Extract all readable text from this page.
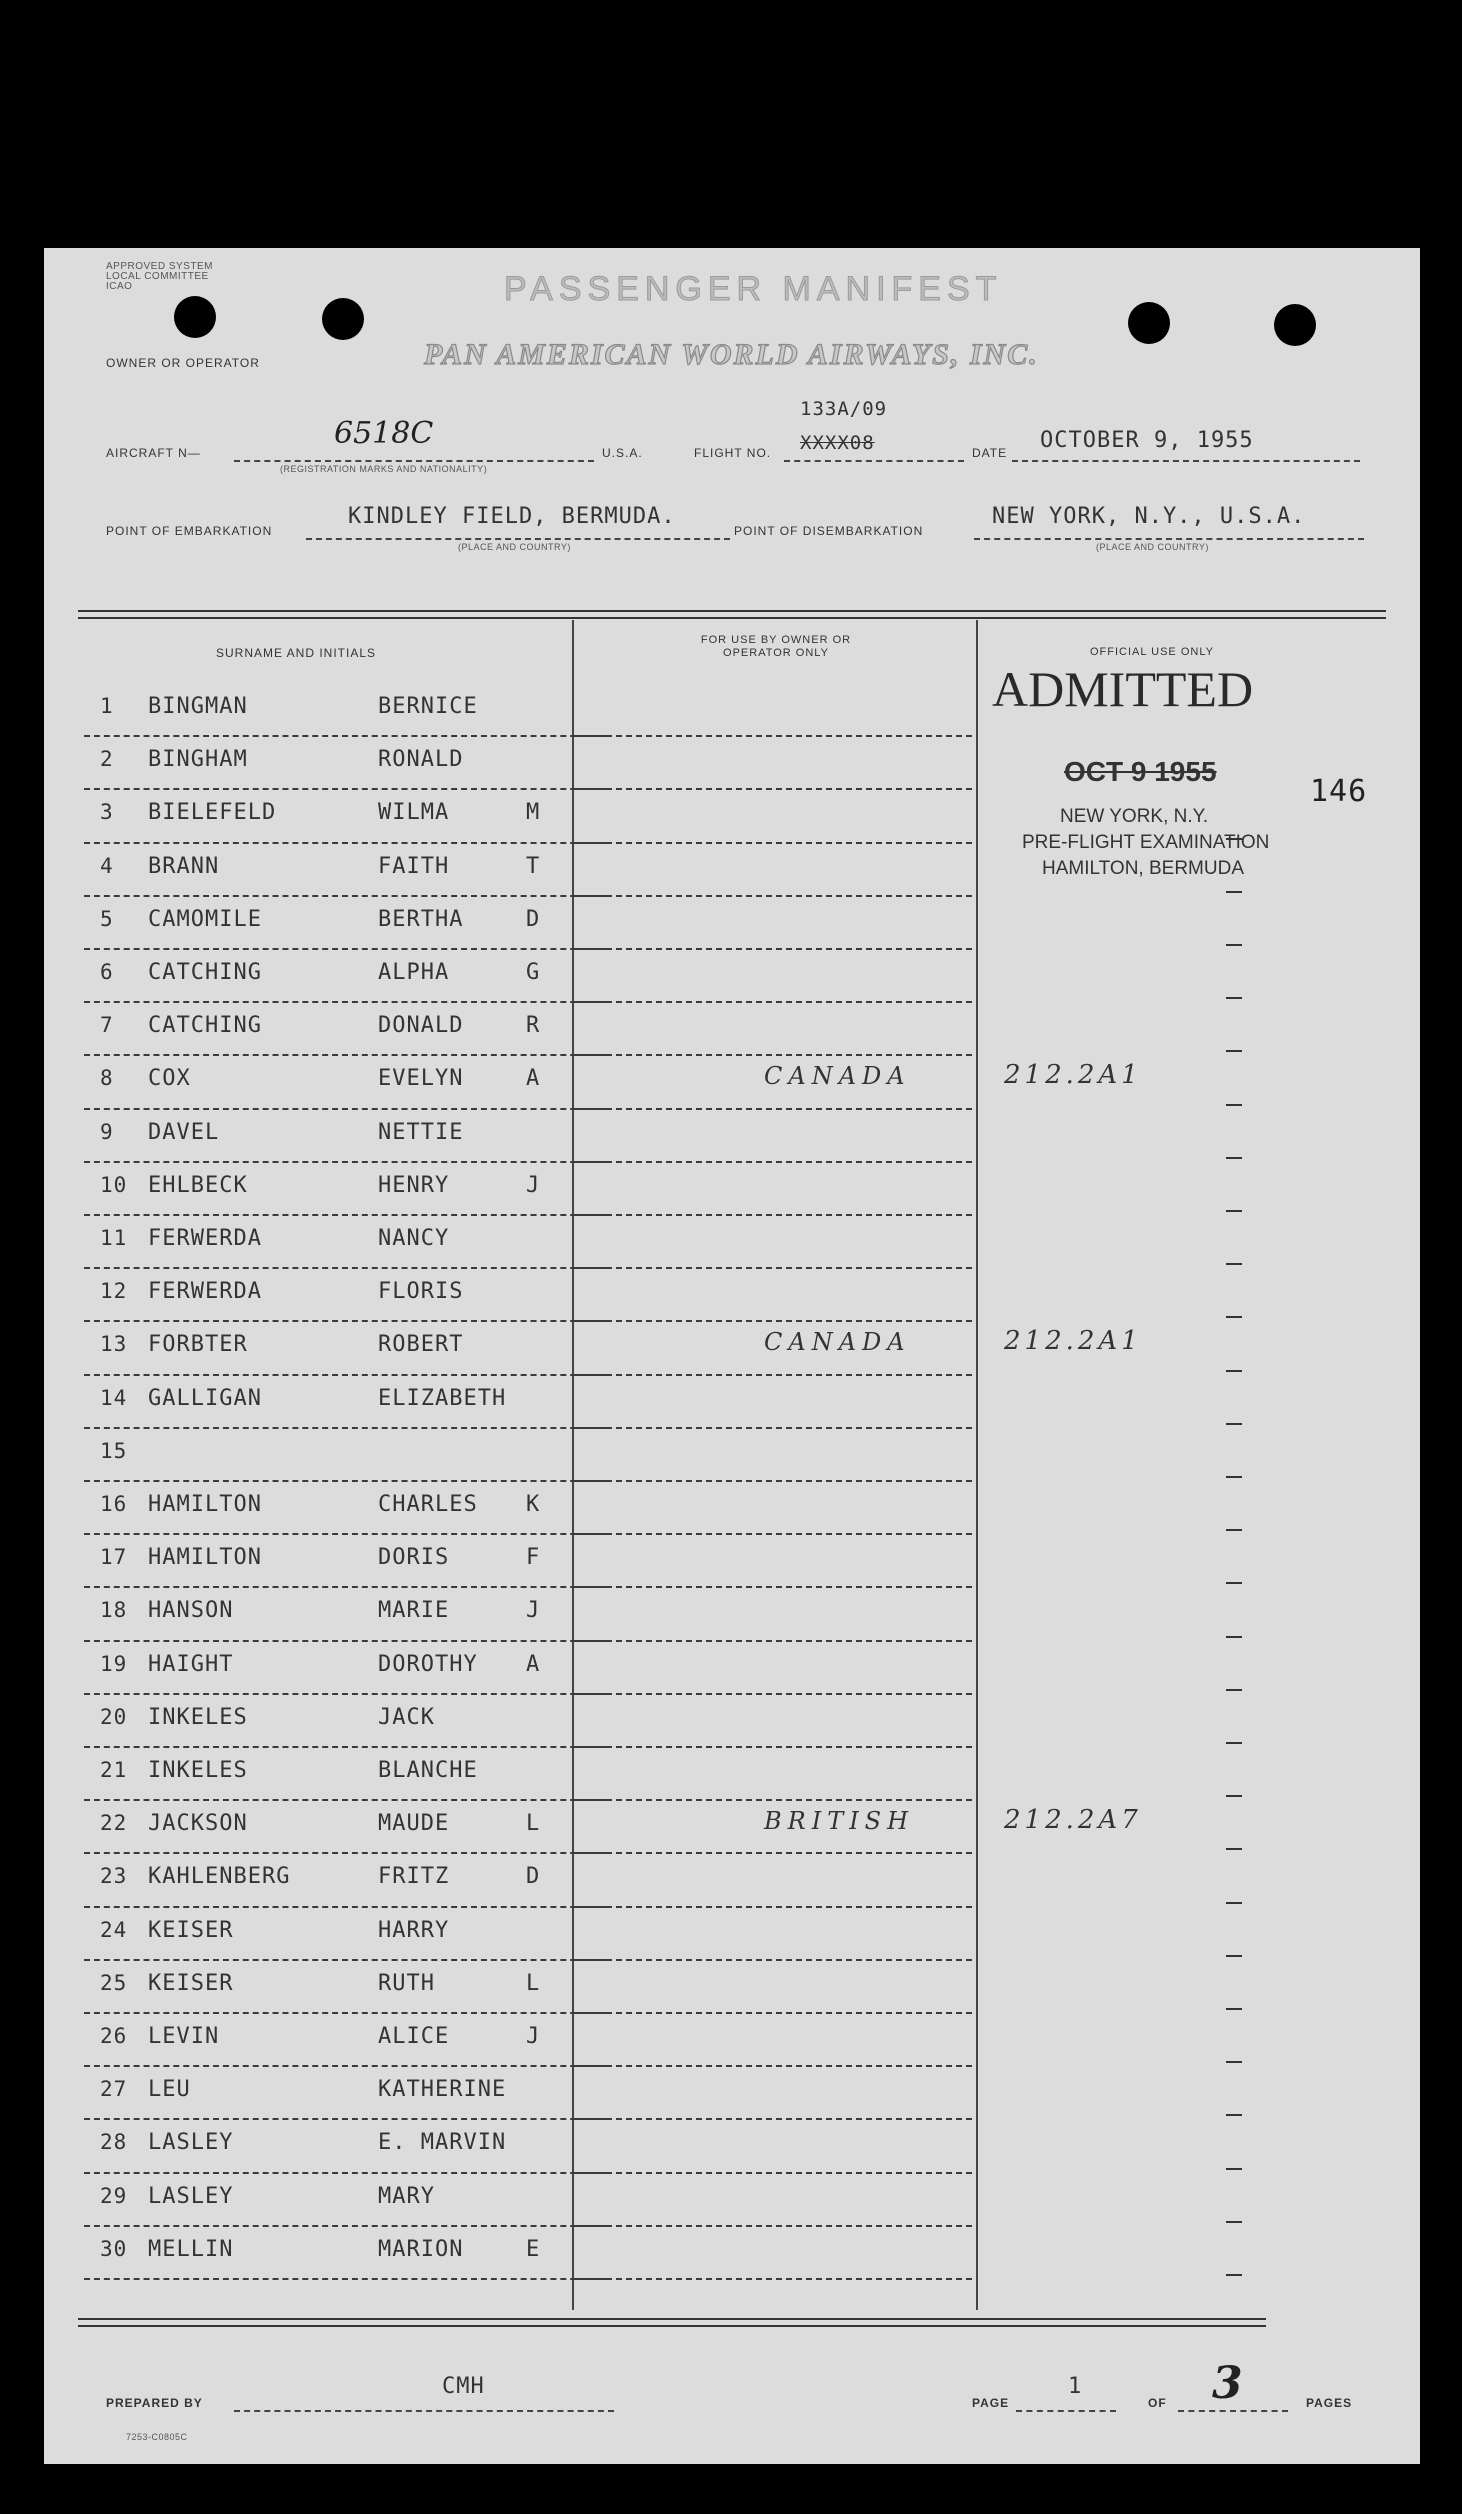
APPROVED SYSTEM LOCAL COMMITTEE ICAO	PASSENGER MANIFEST
OWNER OR OPERATOR	PAN AMERICAN WORLD AIRWAYS, INC.
AIRCRAFT N—
6518C
(REGISTRATION MARKS AND NATIONALITY)
U.S.A.	FLIGHT NO.
133A/09
XXXX08	DATE OCTOBER 9, 1955
POINT OF EMBARKATION
KINDLEY FIELD, BERMUDA.
(PLACE AND COUNTRY)
POINT OF DISEMBARKATION
NEW YORK, N.Y., U.S.A.
(PLACE AND COUNTRY)
SURNAME AND INITIALS
FOR USE BY OWNER OR OPERATOR ONLY	OFFICIAL USE ONLY
1 BINGMAN	BERNICE
2 BINGHAM	RONALD
3 BIELEFELD	WILMA	M
4 BRANN	FAITH	T
5 CAMOMILE	BERTHA	D
6 CATCHING	ALPHA	G
7 CATCHING	DONALD	R
8 COX	EVELYN	A	CANADA	212.2A1
9 DAVEL	NETTIE
10 EHLBECK	HENRY	J
11 FERWERDA	NANCY
12 FERWERDA	FLORIS
13 FORBTER	ROBERT	CANADA	212.2A1
14 GALLIGAN	ELIZABETH
15
16 HAMILTON	CHARLES K
17 HAMILTON	DORIS	F
18 HANSON	MARIE	J
19 HAIGHT	DOROTHY A
20 INKELES	JACK
21 INKELES	BLANCHE
22 JACKSON	MAUDE	L	BRITISH	212.2A7
23 KAHLENBERG	FRITZ	D
24 KEISER	HARRY
25 KEISER	RUTH	L
26 LEVIN	ALICE	J
27 LEU	KATHERINE
28 LASLEY	E. MARVIN
29 LASLEY	MARY
30 MELLIN	MARION	E
ADMITTED
OCT 9 1955
NEW YORK, N.Y.
PRE-FLIGHT EXAMINATION
HAMILTON, BERMUDA
146
PREPARED BY
CMH
PAGE
1
OF 3	PAGES
7253-C0805C
